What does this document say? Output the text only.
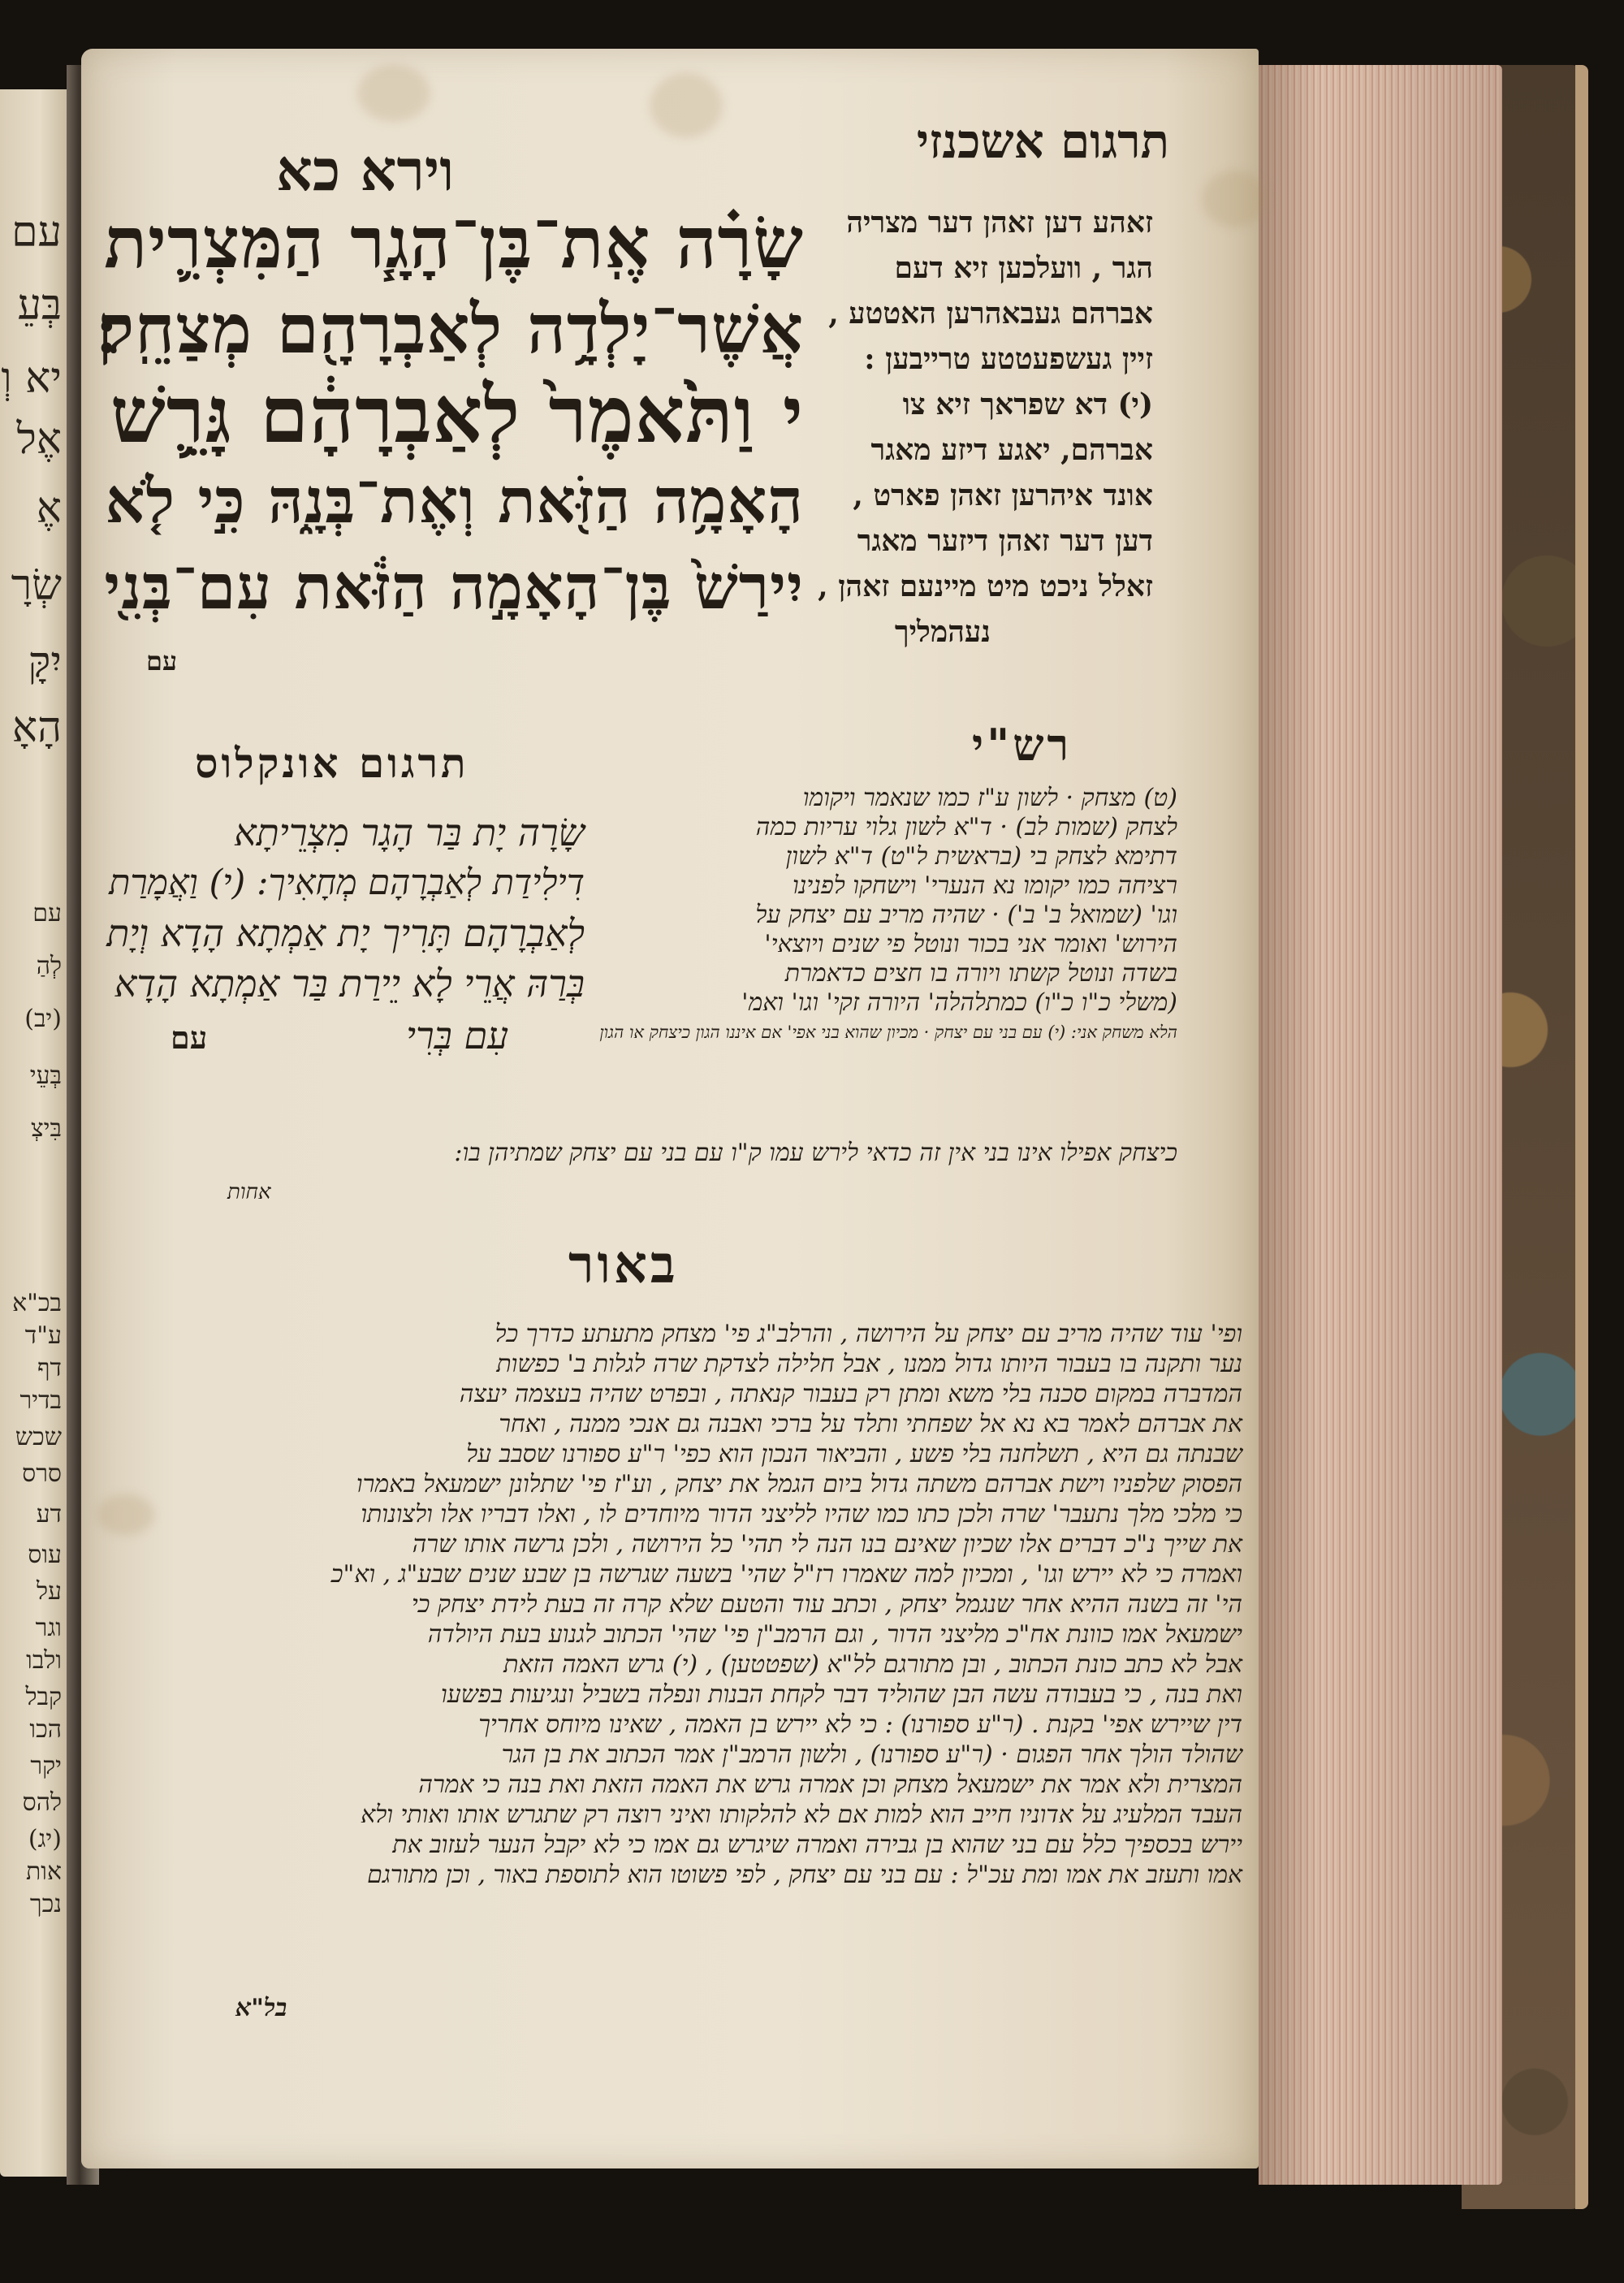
עם
בְּעֵ
יא וְ
אֶל
אֶ
שְׂרָ
יִקָּ
הָאָ
עם
לְהַ
(יב)
בְּעֵי
בִּיצְ
בכ"א
ע"ד
דף
בדיר
שכש
סרס
דע
עוס
על
וגר
ולבו
קבל
הכו
יקר
להס
(יג)
אות
נכך
תרגום אשכנזי
וירא כא
שָׂרָ֗ה אֶֽת־בֶּן־הָגָ֧ר הַמִּצְרִ֛ית
אֲשֶׁר־יָלְדָ֥ה לְאַבְרָהָ֖ם מְצַחֵֽק׃
י וַתֹּ֙אמֶר֙ לְאַבְרָהָ֔ם גָּרֵ֛שׁ
הָאָמָ֥ה הַזֹּ֖את וְאֶת־בְּנָ֑הּ כִּ֣י לֹ֤א
יִירַשׁ֙ בֶּן־הָאָמָ֣ה הַזֹּ֔את עִם־בְּנִ֖י
עם
זאהע דען זאהן דער מצריה
הגר , וועלכען זיא דעם
אברהם געבאהרען האטטע ,
זיין געשפעטטע טרייבען :
(י) דא שפראך זיא צו
אברהם, יאגע דיזע מאגר
אונד איהרען זאהן פארט ,
דען דער זאהן דיזער מאגר
זאלל ניכט מיט מיינעם זאהן ,
נעהמליך
רש"י
(ט) מצחק · לשון ע"ז כמו שנאמר ויקומו
לצחק (שמות לב) · ד"א לשון גלוי עריות כמה
דתימא לצחק בי (בראשית ל"ט) ד"א לשון
רציחה כמו יקומו נא הנערי' וישחקו לפנינו
וגו' (שמואל ב' ב') · שהיה מריב עם יצחק על
הירוש' ואומר אני בכור ונוטל פי שנים ויוצאי'
בשדה ונוטל קשתו ויורה בו חצים כדאמרת
(משלי כ"ו כ"ו) כמתלהלה' היורה זקי' וגו' ואמ'
הלא משחק אני: (י) עם בני עם יצחק · מכיון שהוא בני אפי' אם איננו הגון כיצחק או הגון
כיצחק אפילו אינו בני אין זה כדאי לירש עמו ק"ו עם בני עם יצחק שמתיהן בו:
אחות
תרגום אונקלוס
שָׂרָה יָת בַּר הָגָר מִצְרֵיתָא
דִילִידַת לְאַבְרָהָם מְחָאִיך: (י) וַאֲמָרַת
לְאַבְרָהָם תָּרִיך יָת אַמְתָא הָדָא וְיָת
בְּרַהּ אֲרֵי לָא יֵירַת בַּר אַמְתָא הָדָא
עִם בְּרִי
עם
באור
ופי' עוד שהיה מריב עם יצחק על הירושה , והרלב"ג פי' מצחק מתעתע כדרך כל
נער ותקנה בו בעבור היותו גדול ממנו , אבל חלילה לצדקת שרה לגלות ב' כפשות
המדברה במקום סכנה בלי משא ומתן רק בעבור קנאתה , ובפרט שהיה בעצמה יעצה
את אברהם לאמר בא נא אל שפחתי ותלד על ברכי ואבנה גם אנכי ממנה , ואחר
שבנתה גם היא , תשלחנה בלי פשע , והביאור הנכון הוא כפי' ר"ע ספורנו שסבב על
הפסוק שלפניו וישת אברהם משתה גדול ביום הגמל את יצחק , וע"ז פי' שתלונן ישמעאל באמרו
כי מלכי מלך נתעבר' שרה ולכן כתו כמו שהיו לליצני הדור מיוחדים לו , ואלו דבריו אלו ולצונותו
את שייך נ"כ דברים אלו שכיון שאינם בנו הנה לי תהי' כל הירושה , ולכן גרשה אותו שרה
ואמרה כי לא יירש וגו' , ומכיון למה שאמרו רז"ל שהי' בשעה שגרשה בן שבע שנים שבע"ג , וא"כ
הי' זה בשנה ההיא אחר שנגמל יצחק , וכתב עוד והטעם שלא קרה זה בעת לידת יצחק כי
ישמעאל אמו כוונת אח"כ מליצני הדור , וגם הרמב"ן פי' שהי' הכתוב לגנוע בעת היולדה
אבל לא כתב כונת הכתוב , ובן מתורגם לל"א (שפטטען) , (י) גרש האמה הזאת
ואת בנה , כי בעבודה עשה הבן שהוליד דבר לקחת הבנות ונפלה בשביל ונגיעות בפשעו
דין שיירש אפי' בקנת . (ר"ע ספורנו) : כי לא יירש בן האמה , שאינו מיוחס אחריך
שהולד הולך אחר הפגום · (ר"ע ספורנו) , ולשון הרמב"ן אמר הכתוב את בן הגר
המצרית ולא אמר את ישמעאל מצחק וכן אמרה גרש את האמה הזאת ואת בנה כי אמרה
העבד המלעיג על אדוניו חייב הוא למות אם לא להלקותו ואיני רוצה רק שתגרש אותו ואותי ולא
יירש בכספיך כלל עם בני שהוא בן גבירה ואמרה שיגרש גם אמו כי לא יקבל הנער לעזוב את
אמו ותעזב את אמו ומת עכ"ל : עם בני עם יצחק , לפי פשוטו הוא לתוספת באור , וכן מתורגם
בל"א
